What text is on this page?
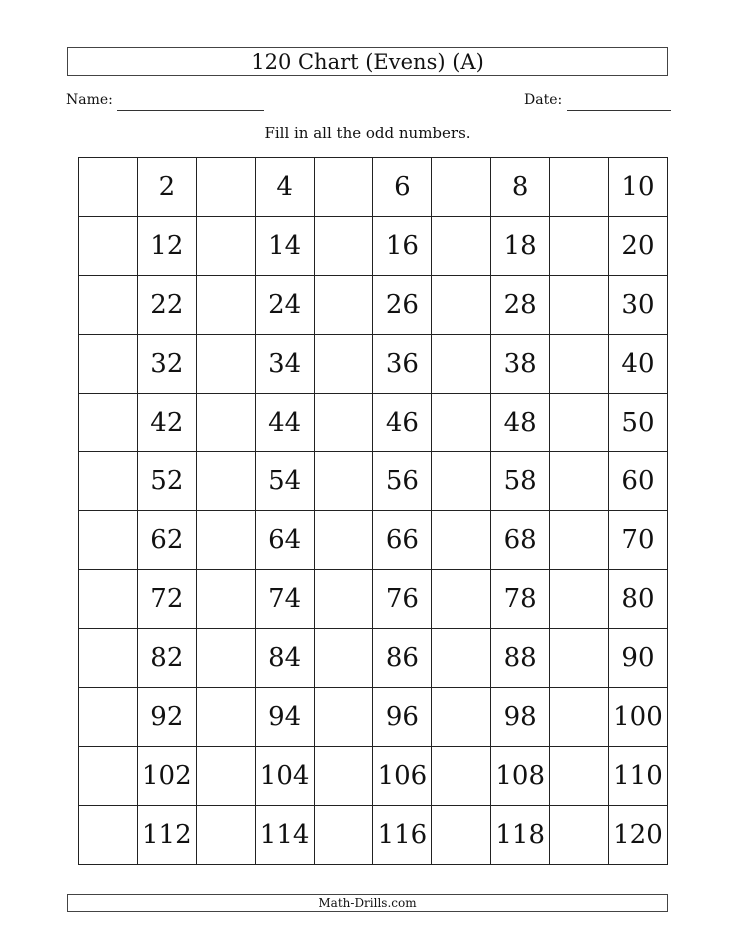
120 Chart (Evens) (A)
Name:	Date:
Fill in all the odd numbers.
	2		4		6		8		10
	12		14		16		18		20
	22		24		26		28		30
	32		34		36		38		40
	42		44		46		48		50
	52		54		56		58		60
	62		64		66		68		70
	72		74		76		78		80
	82		84		86		88		90
	92		94		96		98		100
	102		104		106		108		110
	112		114		116		118		120
Math-Drills.com
